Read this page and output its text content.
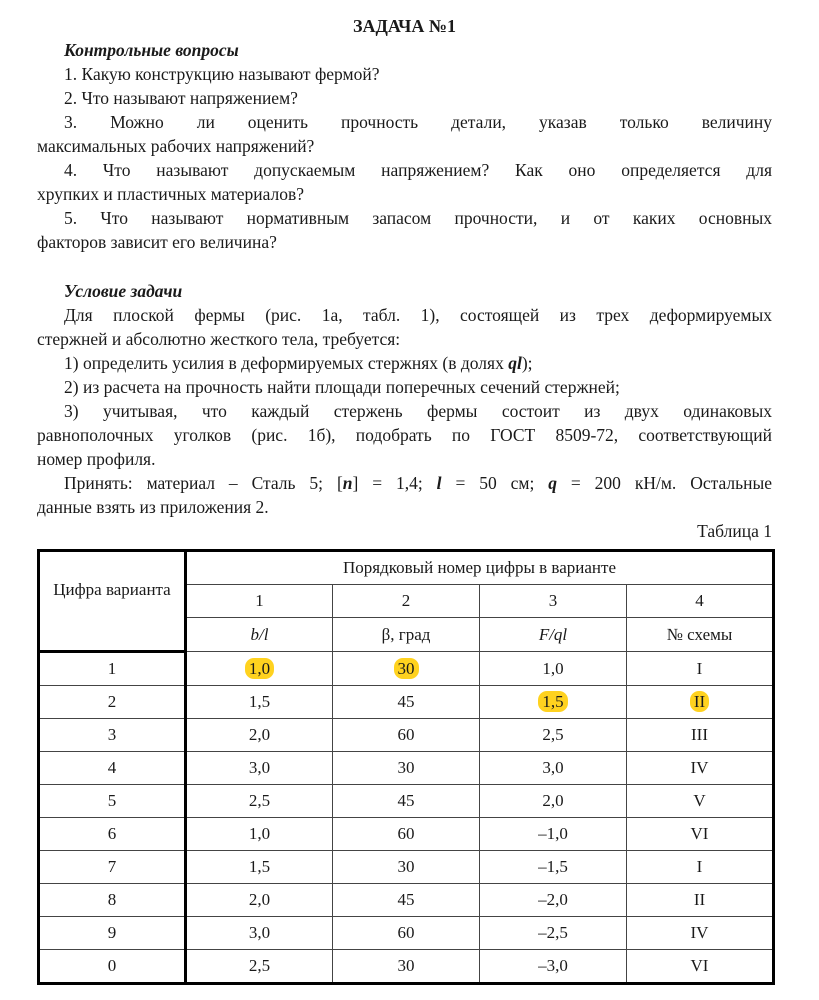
ЗАДАЧА №1
Контрольные вопросы
1. Какую конструкцию называют фермой?
2. Что называют напряжением?
3. Можно ли оценить прочность детали, указав только величину
максимальных рабочих напряжений?
4. Что называют допускаемым напряжением? Как оно определяется для
хрупких и пластичных материалов?
5. Что называют нормативным запасом прочности, и от каких основных
факторов зависит его величина?
Условие задачи
Для плоской фермы (рис. 1а, табл. 1), состоящей из трех деформируемых
стержней и абсолютно жесткого тела, требуется:
1) определить усилия в деформируемых стержнях (в долях ql);
2) из расчета на прочность найти площади поперечных сечений стержней;
3) учитывая, что каждый стержень фермы состоит из двух одинаковых
равнополочных уголков (рис. 1б), подобрать по ГОСТ 8509-72, соответствующий
номер профиля.
Принять: материал – Сталь 5; [n] = 1,4; l = 50 см; q = 200 кН/м. Остальные
данные взять из приложения 2.
Таблица 1
Цифра варианта	Порядковый номер цифры в варианте			
	1	2	3	4
	b/l	β, град	F/ql	№ схемы
1	1,0	30	1,0	I
2	1,5	45	1,5	II
3	2,0	60	2,5	III
4	3,0	30	3,0	IV
5	2,5	45	2,0	V
6	1,0	60	–1,0	VI
7	1,5	30	–1,5	I
8	2,0	45	–2,0	II
9	3,0	60	–2,5	IV
0	2,5	30	–3,0	VI
